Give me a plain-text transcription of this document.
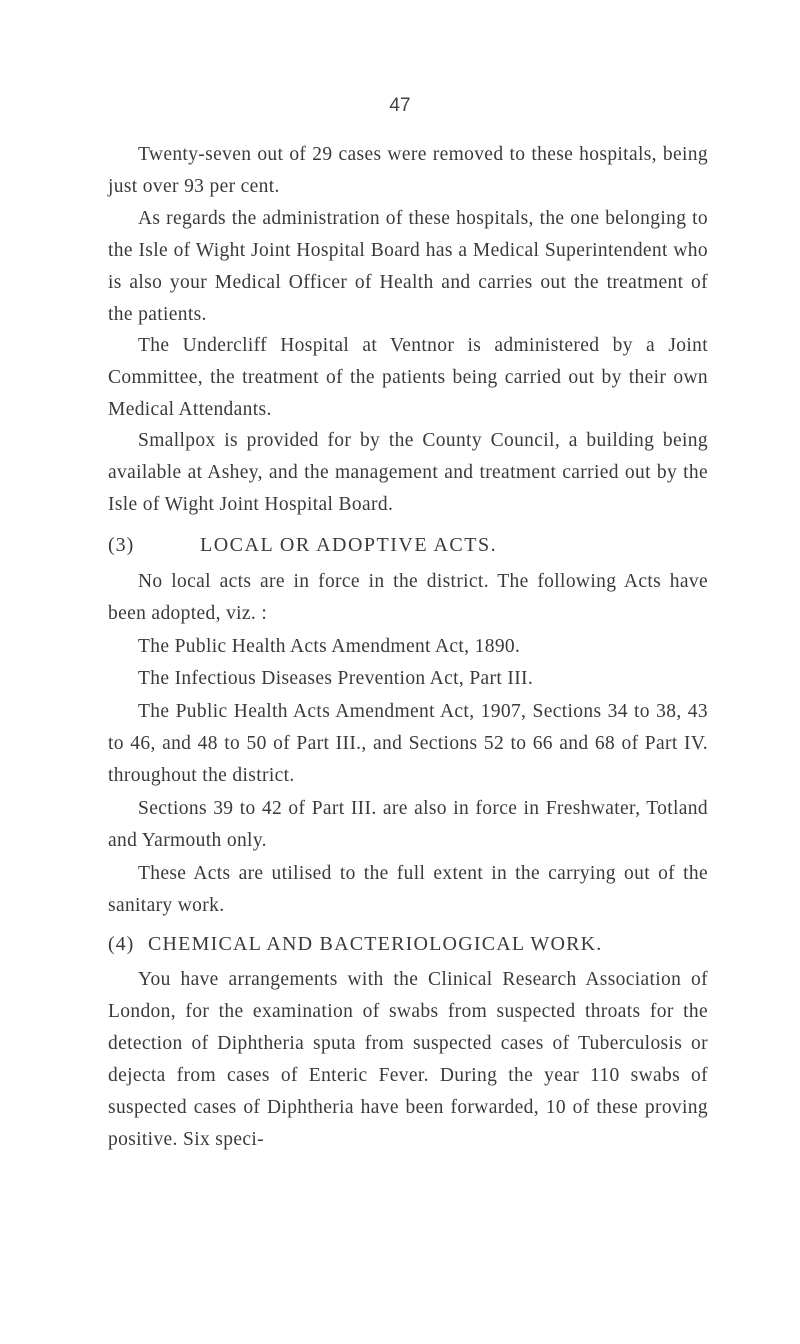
47

Twenty-seven out of 29 cases were removed to these hospitals, being just over 93 per cent.

As regards the administration of these hospitals, the one belonging to the Isle of Wight Joint Hospital Board has a Medical Superintendent who is also your Medical Officer of Health and carries out the treatment of the patients.

The Undercliff Hospital at Ventnor is administered by a Joint Committee, the treatment of the patients being carried out by their own Medical Attendants.

Smallpox is provided for by the County Council, a building being available at Ashey, and the management and treatment carried out by the Isle of Wight Joint Hospital Board.

(3)	LOCAL OR ADOPTIVE ACTS.

No local acts are in force in the district. The following Acts have been adopted, viz. :

The Public Health Acts Amendment Act, 1890.

The Infectious Diseases Prevention Act, Part III.

The Public Health Acts Amendment Act, 1907, Sections 34 to 38, 43 to 46, and 48 to 50 of Part III., and Sections 52 to 66 and 68 of Part IV. throughout the district.

Sections 39 to 42 of Part III. are also in force in Freshwater, Totland and Yarmouth only.

These Acts are utilised to the full extent in the carrying out of the sanitary work.

(4) CHEMICAL AND BACTERIOLOGICAL WORK.

You have arrangements with the Clinical Research Association of London, for the examination of swabs from suspected throats for the detection of Diphtheria sputa from suspected cases of Tuberculosis or dejecta from cases of Enteric Fever. During the year 110 swabs of suspected cases of Diphtheria have been forwarded, 10 of these proving positive. Six speci-
